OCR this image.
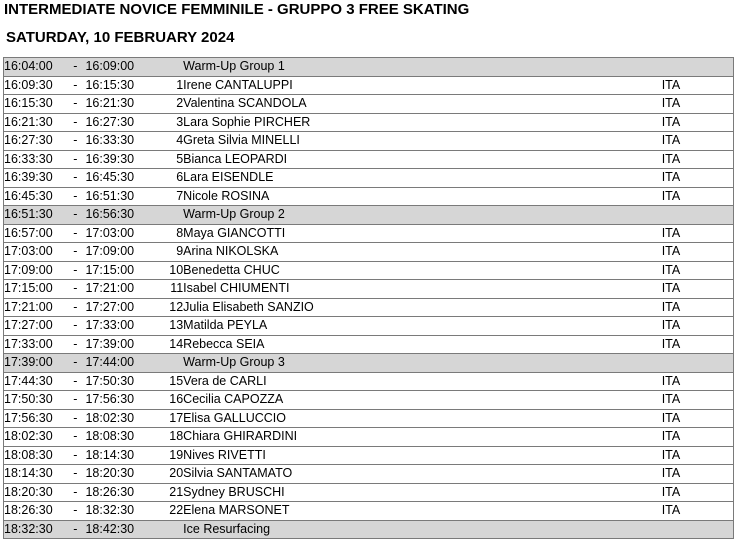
INTERMEDIATE NOVICE FEMMINILE - GRUPPO 3 FREE SKATING
SATURDAY, 10 FEBRUARY 2024
16:04:00	-	16:09:00		Warm-Up Group 1	
16:09:30	-	16:15:30	1	Irene CANTALUPPI	ITA
16:15:30	-	16:21:30	2	Valentina SCANDOLA	ITA
16:21:30	-	16:27:30	3	Lara Sophie PIRCHER	ITA
16:27:30	-	16:33:30	4	Greta Silvia MINELLI	ITA
16:33:30	-	16:39:30	5	Bianca LEOPARDI	ITA
16:39:30	-	16:45:30	6	Lara EISENDLE	ITA
16:45:30	-	16:51:30	7	Nicole ROSINA	ITA
16:51:30	-	16:56:30		Warm-Up Group 2	
16:57:00	-	17:03:00	8	Maya GIANCOTTI	ITA
17:03:00	-	17:09:00	9	Arina NIKOLSKA	ITA
17:09:00	-	17:15:00	10	Benedetta CHUC	ITA
17:15:00	-	17:21:00	11	Isabel CHIUMENTI	ITA
17:21:00	-	17:27:00	12	Julia Elisabeth SANZIO	ITA
17:27:00	-	17:33:00	13	Matilda PEYLA	ITA
17:33:00	-	17:39:00	14	Rebecca SEIA	ITA
17:39:00	-	17:44:00		Warm-Up Group 3	
17:44:30	-	17:50:30	15	Vera de CARLI	ITA
17:50:30	-	17:56:30	16	Cecilia CAPOZZA	ITA
17:56:30	-	18:02:30	17	Elisa GALLUCCIO	ITA
18:02:30	-	18:08:30	18	Chiara GHIRARDINI	ITA
18:08:30	-	18:14:30	19	Nives RIVETTI	ITA
18:14:30	-	18:20:30	20	Silvia SANTAMATO	ITA
18:20:30	-	18:26:30	21	Sydney BRUSCHI	ITA
18:26:30	-	18:32:30	22	Elena MARSONET	ITA
18:32:30	-	18:42:30		Ice Resurfacing	
